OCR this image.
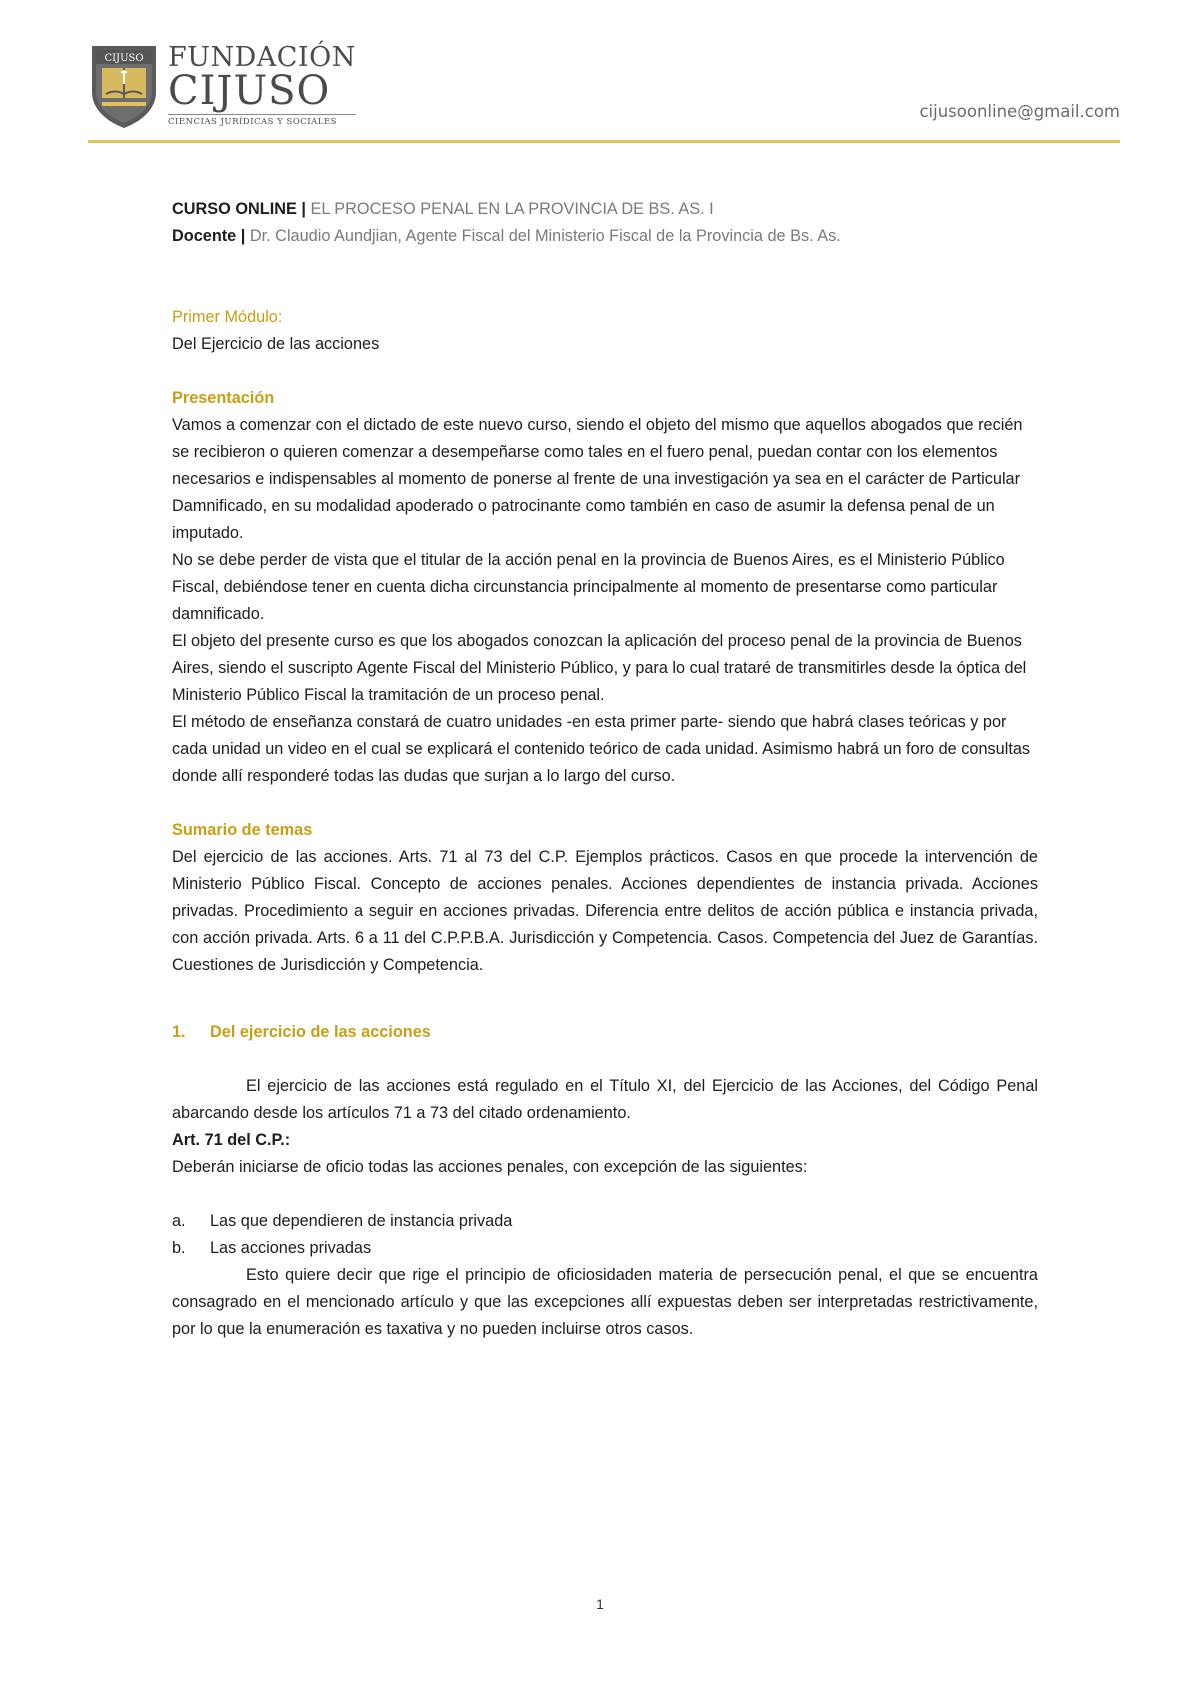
CIJUSO FUNDACIÓN
CIJUSO
CIENCIAS JURÍDICAS Y SOCIALES
cijusoonline@gmail.com

CURSO ONLINE | EL PROCESO PENAL EN LA PROVINCIA DE BS. AS. I

Docente | Dr. Claudio Aundjian, Agente Fiscal del Ministerio Fiscal de la Provincia de Bs. As.

Primer Módulo:

Del Ejercicio de las acciones

Presentación

Vamos a comenzar con el dictado de este nuevo curso, siendo el objeto del mismo que aquellos abogados que recién se recibieron o quieren comenzar a desempeñarse como tales en el fuero penal, puedan contar con los elementos necesarios e indispensables al momento de ponerse al frente de una investigación ya sea en el carácter de Particular Damnificado, en su modalidad apoderado o patrocinante como también en caso de asumir la defensa penal de un imputado.

No se debe perder de vista que el titular de la acción penal en la provincia de Buenos Aires, es el Ministerio Público Fiscal, debiéndose tener en cuenta dicha circunstancia principalmente al momento de presentarse como particular damnificado.

El objeto del presente curso es que los abogados conozcan la aplicación del proceso penal de la provincia de Buenos Aires, siendo el suscripto Agente Fiscal del Ministerio Público, y para lo cual trataré de transmitirles desde la óptica del Ministerio Público Fiscal la tramitación de un proceso penal.

El método de enseñanza constará de cuatro unidades -en esta primer parte- siendo que habrá clases teóricas y por cada unidad un video en el cual se explicará el contenido teórico de cada unidad. Asimismo habrá un foro de consultas donde allí responderé todas las dudas que surjan a lo largo del curso.

Sumario de temas

Del ejercicio de las acciones. Arts. 71 al 73 del C.P. Ejemplos prácticos. Casos en que procede la intervención de Ministerio Público Fiscal. Concepto de acciones penales. Acciones dependientes de instancia privada. Acciones privadas. Procedimiento a seguir en acciones privadas. Diferencia entre delitos de acción pública e instancia privada, con acción privada. Arts. 6 a 11 del C.P.P.B.A. Jurisdicción y Competencia. Casos. Competencia del Juez de Garantías. Cuestiones de Jurisdicción y Competencia.

1. Del ejercicio de las acciones

El ejercicio de las acciones está regulado en el Título XI, del Ejercicio de las Acciones, del Código Penal abarcando desde los artículos 71 a 73 del citado ordenamiento.

Art. 71 del C.P.:

Deberán iniciarse de oficio todas las acciones penales, con excepción de las siguientes:

a. Las que dependieren de instancia privada

b. Las acciones privadas

Esto quiere decir que rige el principio de oficiosidaden materia de persecución penal, el que se encuentra consagrado en el mencionado artículo y que las excepciones allí expuestas deben ser interpretadas restrictivamente, por lo que la enumeración es taxativa y no pueden incluirse otros casos.

1
